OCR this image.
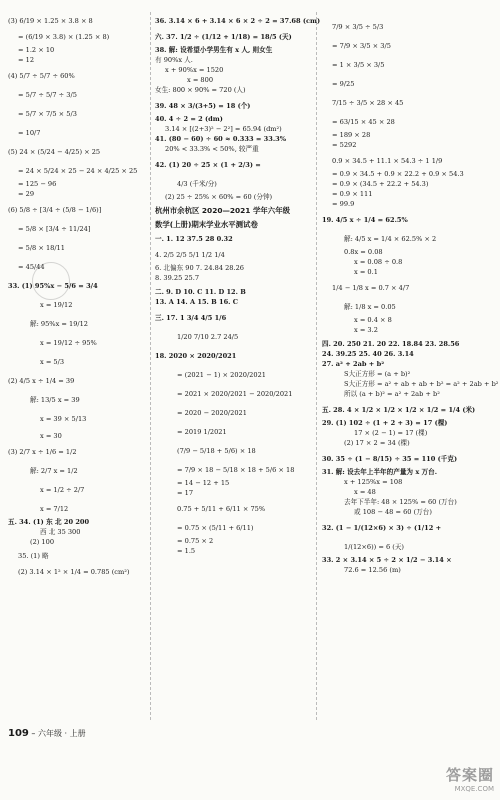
(3) 6/19 × 1.25 × 3.8 × 8
= (6/19 × 3.8) × (1.25 × 8)
= 1.2 × 10
= 12
(4) 5/7 ÷ 5/7 ÷ 60%
= 5/7 ÷ 5/7 ÷ 3/5
= 5/7 × 7/5 × 5/3
= 10/7
(5) 24 × (5/24 − 4/25) × 25
= 24 × 5/24 × 25 − 24 × 4/25 × 25
= 125 − 96
= 29
(6) 5/8 ÷ [3/4 ÷ (5/8 − 1/6)]
= 5/8 × [3/4 ÷ 11/24]
= 5/8 × 18/11
= 45/44
33. (1) 95%x − 5/6 = 3/4
x = 19/12
解: 95%x = 19/12
x = 19/12 ÷ 95%
x = 5/3
(2) 4/5 x ÷ 1/4 = 39
解: 13/5 x = 39
x = 39 × 5/13
x = 30
(3) 2/7 x ÷ 1/6 = 1/2
解: 2/7 x = 1/2
x = 1/2 ÷ 2/7
x = 7/12
五. 34. (1) 东 北 20 200
西 北 35 300
(2) 100
35. (1) 略
(2) 3.14 × 1² × 1/4 = 0.785 (cm²)
36. 3.14 × 6 + 3.14 × 6 × 2 ÷ 2 = 37.68 (cm)
六. 37. 1/2 ÷ (1/12 + 1/18) = 18/5 (天)
38. 解: 设希望小学男生有 x 人, 则女生
有 90%x 人.
x + 90%x = 1520
x = 800
女生: 800 × 90% = 720 (人)
39. 48 × 3/(3+5) = 18 (个)
40. 4 ÷ 2 = 2 (dm)
3.14 × [(2+3)² − 2²] = 65.94 (dm²)
41. (80 − 60) ÷ 60 ≈ 0.333 = 33.3%
20% < 33.3% < 50%, 较严重
42. (1) 20 ÷ 25 × (1 + 2/3) =
4/3 (千米/分)
(2) 25 ÷ 25% × 60% = 60 (分钟)
杭州市余杭区 2020—2021 学年六年级
数学(上册)期末学业水平测试卷
一. 1. 12 37.5 28 0.32
4. 2/5 2/5 5/1 1/2 1/4
6. 北偏东 90 7. 24.84 28.26
8. 39.25 25.7
二. 9. D 10. C 11. D 12. B
13. A 14. A 15. B 16. C
三. 17. 1 3/4 4/5 1/6
1/20 7/10 2.7 24/5
18. 2020 × 2020/2021
= (2021 − 1) × 2020/2021
= 2021 × 2020/2021 − 2020/2021
= 2020 − 2020/2021
= 2019 1/2021
(7/9 − 5/18 + 5/6) × 18
= 7/9 × 18 − 5/18 × 18 + 5/6 × 18
= 14 − 12 + 15
= 17
0.75 + 5/11 + 6/11 × 75%
= 0.75 × (5/11 + 6/11)
= 0.75 × 2
= 1.5
7/9 × 3/5 ÷ 5/3
= 7/9 × 3/5 × 3/5
= 1 × 3/5 × 3/5
= 9/25
7/15 ÷ 3/5 × 28 × 45
= 63/15 × 45 × 28
= 189 × 28
= 5292
0.9 × 34.5 + 11.1 × 54.3 ÷ 1 1/9
= 0.9 × 34.5 + 0.9 × 22.2 + 0.9 × 54.3
= 0.9 × (34.5 + 22.2 + 54.3)
= 0.9 × 111
= 99.9
19. 4/5 x ÷ 1/4 = 62.5%
解: 4/5 x = 1/4 × 62.5% × 2
0.8x = 0.08
x = 0.08 ÷ 0.8
x = 0.1
1/4 − 1/8 x = 0.7 × 4/7
解: 1/8 x = 0.05
x = 0.4 × 8
x = 3.2
四. 20. 250 21. 20 22. 18.84 23. 28.56
24. 39.25 25. 40 26. 3.14
27. a² + 2ab + b²
S大正方形 = (a + b)²
S大正方形 = a² + ab + ab + b² = a² + 2ab + b²
所以 (a + b)² = a² + 2ab + b²
五. 28. 4 × 1/2 × 1/2 × 1/2 × 1/2 = 1/4 (米)
29. (1) 102 ÷ (1 + 2 + 3) = 17 (棵)
17 × (2 − 1) = 17 (棵)
(2) 17 × 2 = 34 (棵)
30. 35 ÷ (1 − 8/15) ÷ 35 = 110 (千克)
31. 解: 设去年上半年的产量为 x 万台.
x + 125%x = 108
x = 48
去年下半年: 48 × 125% = 60 (万台)
或 108 − 48 = 60 (万台)
32. (1 − 1/(12×6) × 3) ÷ (1/12 +
1/(12×6)) = 6 (天)
33. 2 × 3.14 × 5 ÷ 2 × 1/2 − 3.14 ×
72.6 = 12.56 (m)
109 – 六年级 · 上册
答案圈
MXQE.COM
